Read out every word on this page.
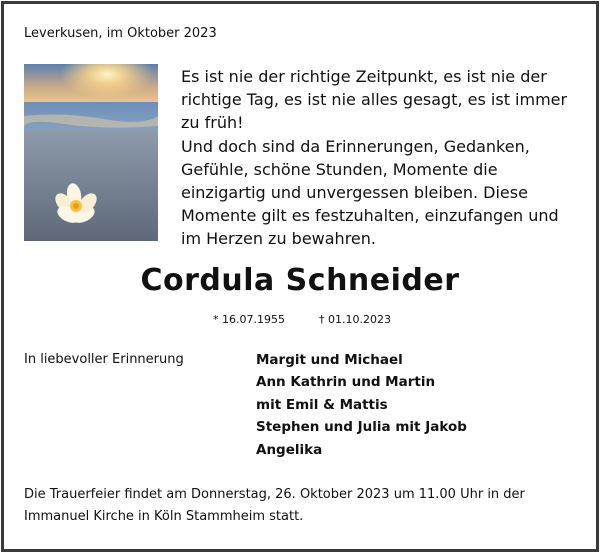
Leverkusen, im Oktober 2023

Es ist nie der richtige Zeitpunkt, es ist nie der richtige Tag, es ist nie alles gesagt, es ist immer zu früh!

Und doch sind da Erinnerungen, Gedanken, Gefühle, schöne Stunden, Momente die einzigartig und unvergessen bleiben. Diese Momente gilt es festzuhalten, einzufangen und im Herzen zu bewahren.

Cordula Schneider
* 16.07.1955	† 01.10.2023
In liebevoller Erinnerung	Margit und Michael
Ann Kathrin und Martin
mit Emil & Mattis
Stephen und Julia mit Jakob
Angelika
Die Trauerfeier findet am Donnerstag, 26. Oktober 2023 um 11.00 Uhr in der Immanuel Kirche in Köln Stammheim statt.
